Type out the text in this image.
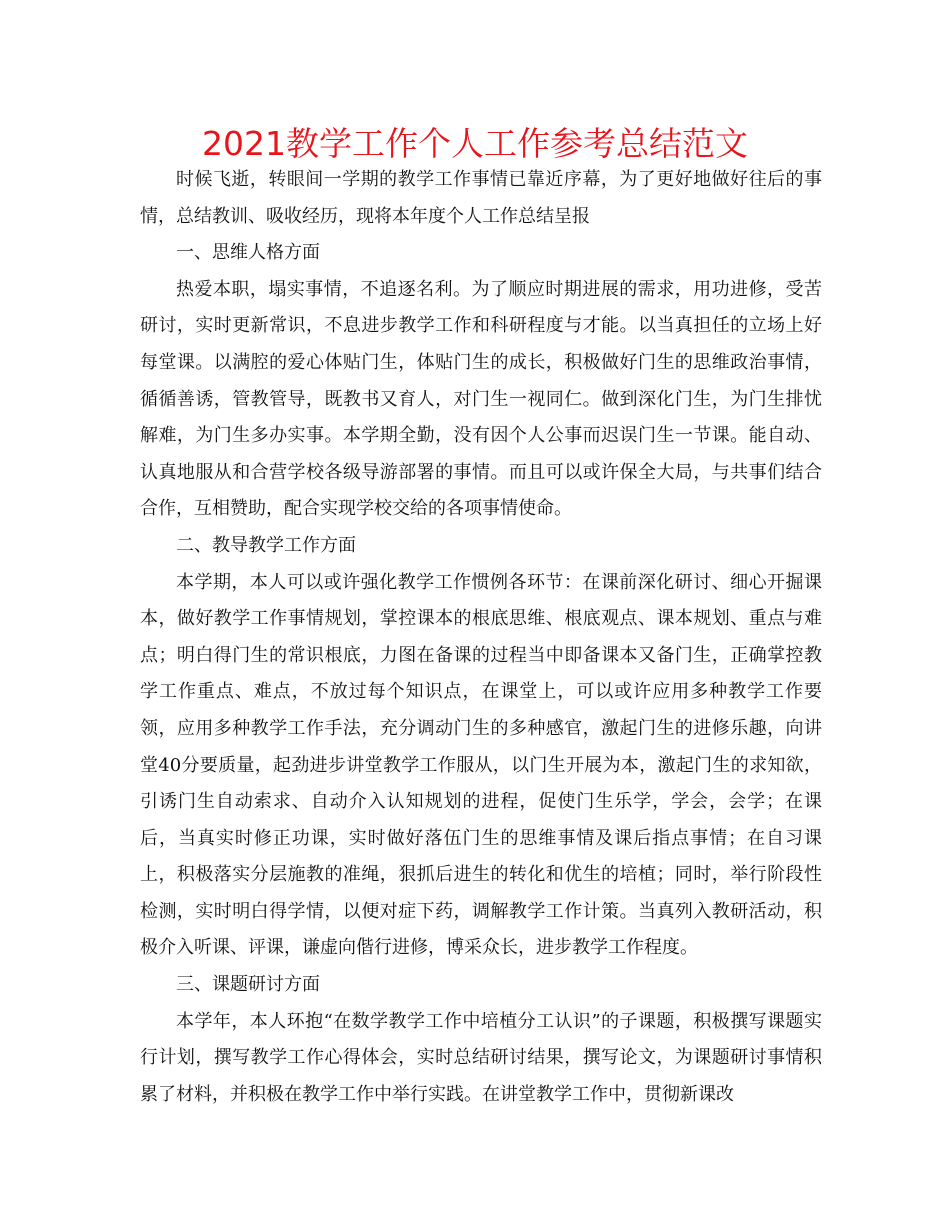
2021教学工作个人工作参考总结范文

时候飞逝，转眼间一学期的教学工作事情已靠近序幕，为了更好地做好往后的事情，总结教训、吸收经历，现将本年度个人工作总结呈报

一、思维人格方面

热爱本职，塌实事情，不追逐名利。为了顺应时期进展的需求，用功进修，受苦研讨，实时更新常识，不息进步教学工作和科研程度与才能。以当真担任的立场上好每堂课。以满腔的爱心体贴门生，体贴门生的成长，积极做好门生的思维政治事情，循循善诱，管教管导，既教书又育人，对门生一视同仁。做到深化门生，为门生排忧解难，为门生多办实事。本学期全勤，没有因个人公事而迟误门生一节课。能自动、认真地服从和合营学校各级导游部署的事情。而且可以或许保全大局，与共事们结合合作，互相赞助，配合实现学校交给的各项事情使命。

二、教导教学工作方面

本学期，本人可以或许强化教学工作惯例各环节：在课前深化研讨、细心开掘课本，做好教学工作事情规划，掌控课本的根底思维、根底观点、课本规划、重点与难点；明白得门生的常识根底，力图在备课的过程当中即备课本又备门生，正确掌控教学工作重点、难点，不放过每个知识点，在课堂上，可以或许应用多种教学工作要领，应用多种教学工作手法，充分调动门生的多种感官，激起门生的进修乐趣，向讲堂40分要质量，起劲进步讲堂教学工作服从，以门生开展为本，激起门生的求知欲，引诱门生自动索求、自动介入认知规划的进程，促使门生乐学，学会，会学；在课后，当真实时修正功课，实时做好落伍门生的思维事情及课后指点事情；在自习课上，积极落实分层施教的准绳，狠抓后进生的转化和优生的培植；同时，举行阶段性检测，实时明白得学情，以便对症下药，调解教学工作计策。当真列入教研活动，积极介入听课、评课，谦虚向偕行进修，博采众长，进步教学工作程度。

三、课题研讨方面

本学年，本人环抱“在数学教学工作中培植分工认识”的子课题，积极撰写课题实行计划，撰写教学工作心得体会，实时总结研讨结果，撰写论文，为课题研讨事情积累了材料，并积极在教学工作中举行实践。在讲堂教学工作中，贯彻新课改
